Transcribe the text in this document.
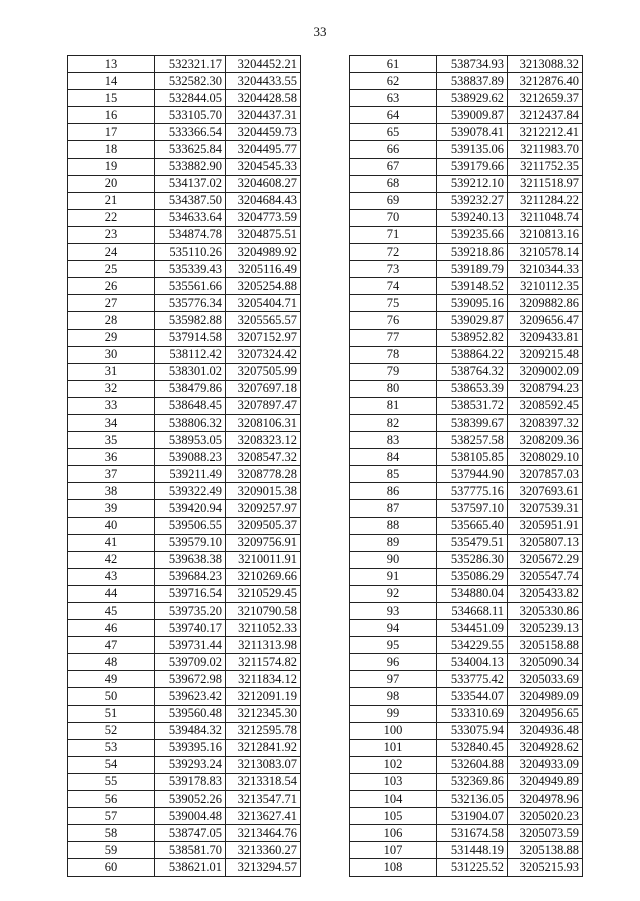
33
13	532321.17	3204452.21
14	532582.30	3204433.55
15	532844.05	3204428.58
16	533105.70	3204437.31
17	533366.54	3204459.73
18	533625.84	3204495.77
19	533882.90	3204545.33
20	534137.02	3204608.27
21	534387.50	3204684.43
22	534633.64	3204773.59
23	534874.78	3204875.51
24	535110.26	3204989.92
25	535339.43	3205116.49
26	535561.66	3205254.88
27	535776.34	3205404.71
28	535982.88	3205565.57
29	537914.58	3207152.97
30	538112.42	3207324.42
31	538301.02	3207505.99
32	538479.86	3207697.18
33	538648.45	3207897.47
34	538806.32	3208106.31
35	538953.05	3208323.12
36	539088.23	3208547.32
37	539211.49	3208778.28
38	539322.49	3209015.38
39	539420.94	3209257.97
40	539506.55	3209505.37
41	539579.10	3209756.91
42	539638.38	3210011.91
43	539684.23	3210269.66
44	539716.54	3210529.45
45	539735.20	3210790.58
46	539740.17	3211052.33
47	539731.44	3211313.98
48	539709.02	3211574.82
49	539672.98	3211834.12
50	539623.42	3212091.19
51	539560.48	3212345.30
52	539484.32	3212595.78
53	539395.16	3212841.92
54	539293.24	3213083.07
55	539178.83	3213318.54
56	539052.26	3213547.71
57	539004.48	3213627.41
58	538747.05	3213464.76
59	538581.70	3213360.27
60	538621.01	3213294.57
61	538734.93	3213088.32
62	538837.89	3212876.40
63	538929.62	3212659.37
64	539009.87	3212437.84
65	539078.41	3212212.41
66	539135.06	3211983.70
67	539179.66	3211752.35
68	539212.10	3211518.97
69	539232.27	3211284.22
70	539240.13	3211048.74
71	539235.66	3210813.16
72	539218.86	3210578.14
73	539189.79	3210344.33
74	539148.52	3210112.35
75	539095.16	3209882.86
76	539029.87	3209656.47
77	538952.82	3209433.81
78	538864.22	3209215.48
79	538764.32	3209002.09
80	538653.39	3208794.23
81	538531.72	3208592.45
82	538399.67	3208397.32
83	538257.58	3208209.36
84	538105.85	3208029.10
85	537944.90	3207857.03
86	537775.16	3207693.61
87	537597.10	3207539.31
88	535665.40	3205951.91
89	535479.51	3205807.13
90	535286.30	3205672.29
91	535086.29	3205547.74
92	534880.04	3205433.82
93	534668.11	3205330.86
94	534451.09	3205239.13
95	534229.55	3205158.88
96	534004.13	3205090.34
97	533775.42	3205033.69
98	533544.07	3204989.09
99	533310.69	3204956.65
100	533075.94	3204936.48
101	532840.45	3204928.62
102	532604.88	3204933.09
103	532369.86	3204949.89
104	532136.05	3204978.96
105	531904.07	3205020.23
106	531674.58	3205073.59
107	531448.19	3205138.88
108	531225.52	3205215.93
